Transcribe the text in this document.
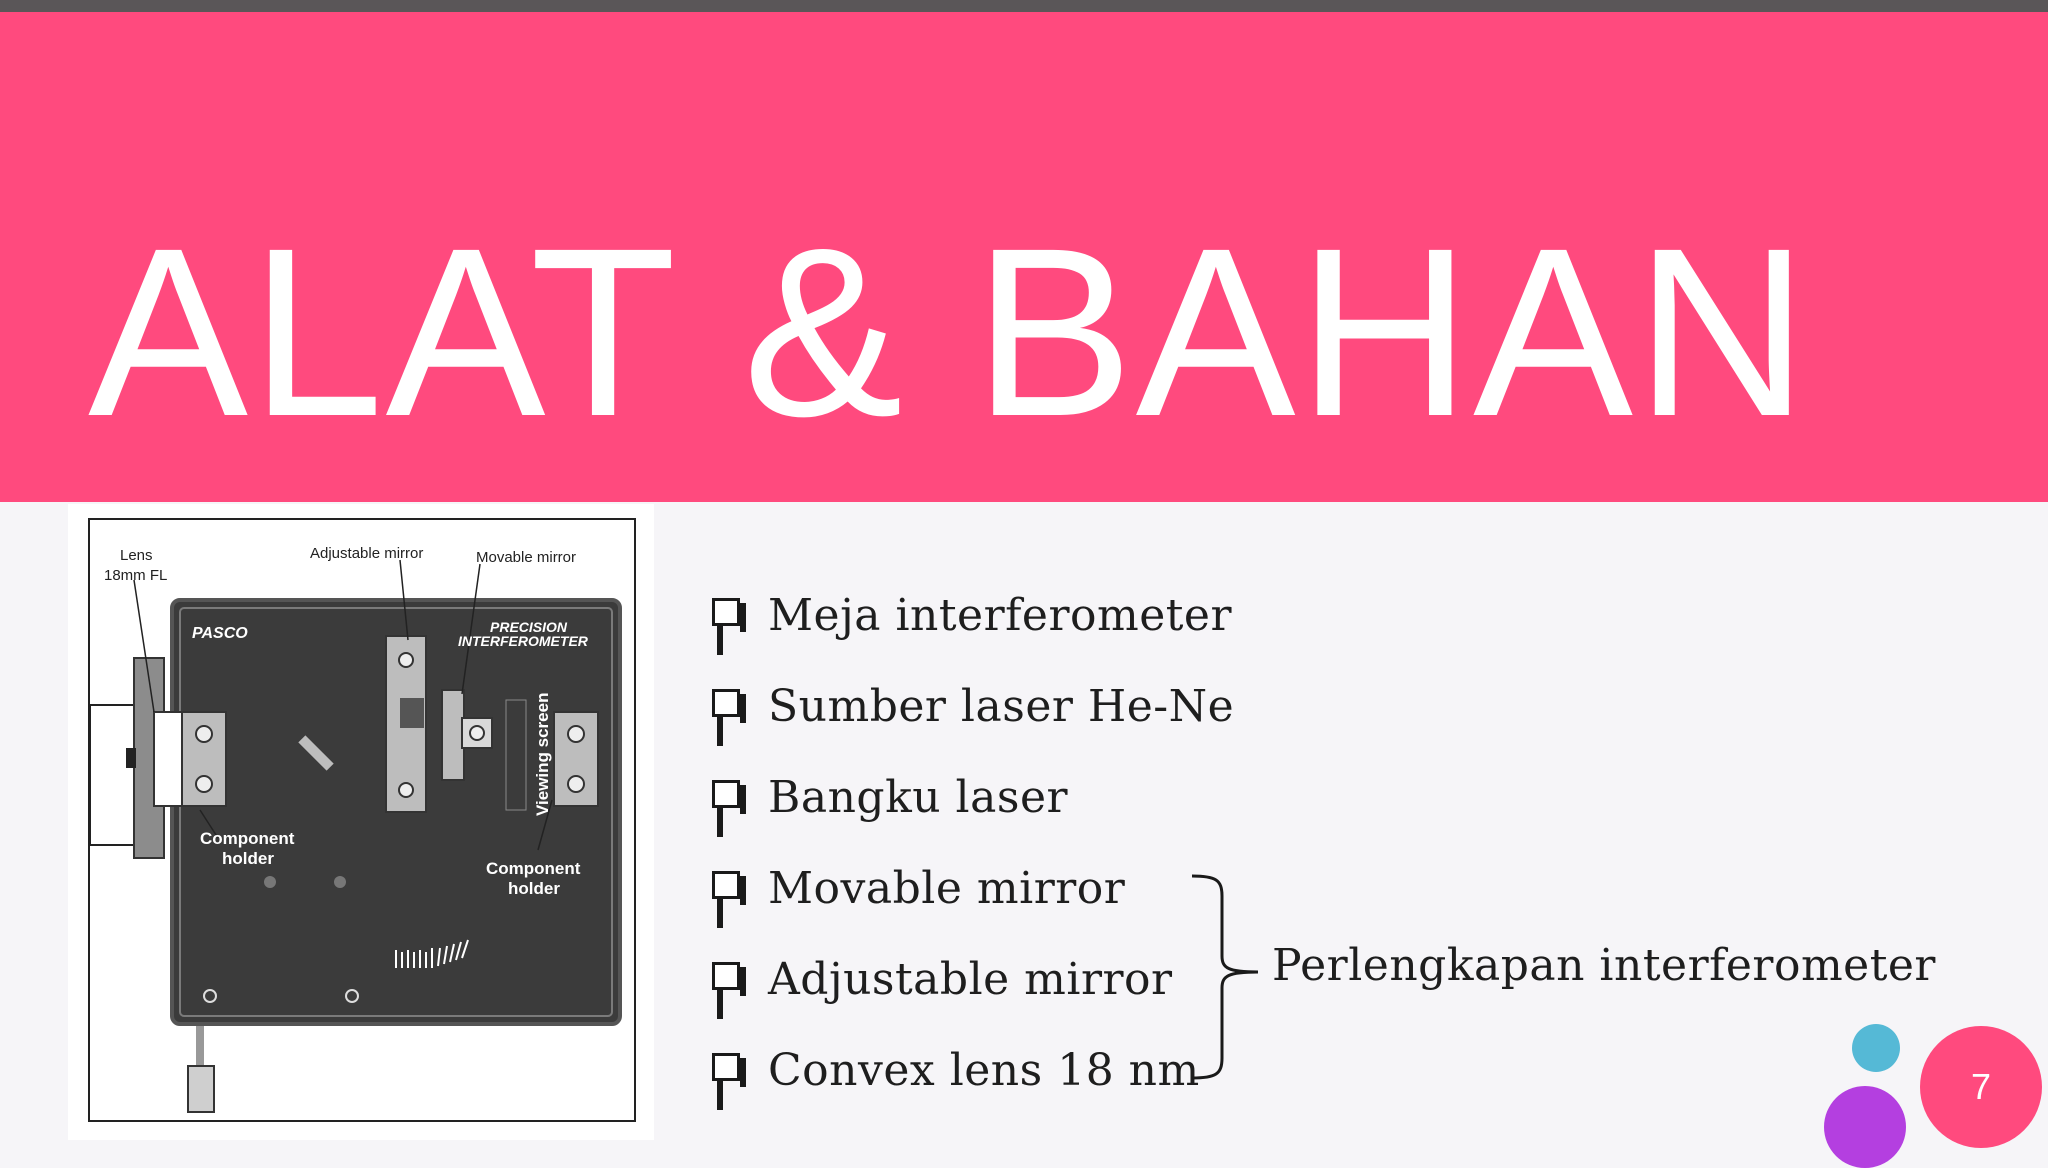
ALAT & BAHAN
Lens
18mm FL
Adjustable mirror	Movable mirror
PASCO	PRECISION
INTERFEROMETER
Viewing screen
Component
holder
Component
holder
Meja interferometer
Sumber laser He-Ne
Bangku laser
Movable mirror
Adjustable mirror
Convex lens 18 nm
Perlengkapan interferometer
7
